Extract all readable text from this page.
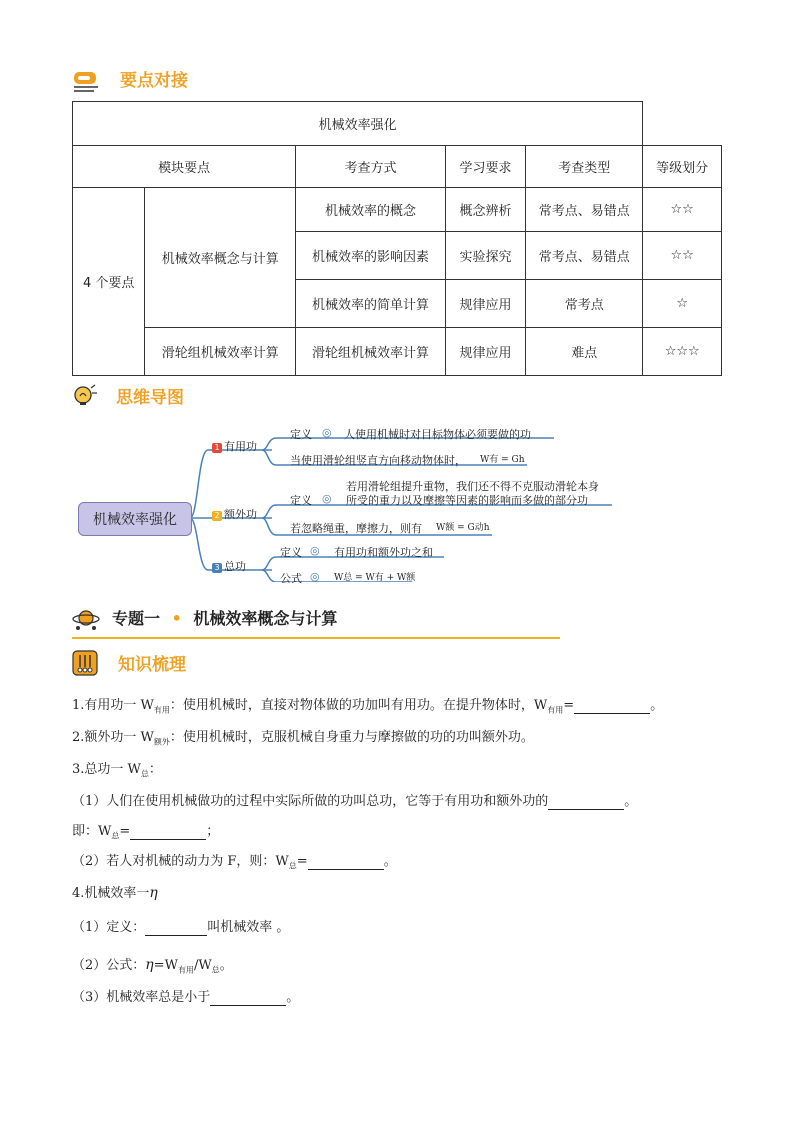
要点对接
机械效率强化					
模块要点		考查方式	学习要求	考查类型	等级划分
4 个要点	机械效率概念与计算	机械效率的概念	概念辨析	常考点、易错点	☆☆
		机械效率的影响因素	实验探究	常考点、易错点	☆☆
		机械效率的简单计算	规律应用	常考点	☆
	滑轮组机械效率计算	滑轮组机械效率计算	规律应用	难点	☆☆☆
思维导图
机械效率强化
1 有用功
定义 ◎ 人使用机械时对目标物体必须要做的功
当使用滑轮组竖直方向移动物体时， W有 = Gh
2 额外功
定义 ◎
若用滑轮组提升重物，我们还不得不克服动滑轮本身
所受的重力以及摩擦等因素的影响而多做的部分功
若忽略绳重，摩擦力，则有 W额 = G动h
3 总功
定义 ◎ 有用功和额外功之和
公式 ◎ W总 = W有 + W额
专题一 • 机械效率概念与计算
知识梳理
1.有用功一 $W_{有用}$：使用机械时，直接对物体做的功加叫有用功。在提升物体时，$W_{有用}=$	。
2.额外功一 $W_{额外}$：使用机械时，克服机械自身重力与摩擦做的功的功叫额外功。
3.总功一 $W_总$：
（1）人们在使用机械做功的过程中实际所做的功叫总功，它等于有用功和额外功的	。
即：$W_总=$	；
（2）若人对机械的动力为 F，则：$W_总=$	。
4.机械效率一η
（1）定义：	叫机械效率 。
（2）公式：$\eta=W_{有用}/W_总$。
（3）机械效率总是小于	。
